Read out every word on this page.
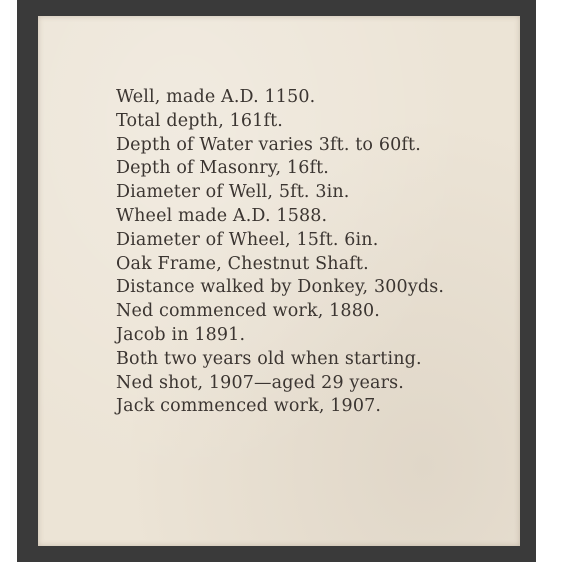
Well, made A.D. 1150.
Total depth, 161ft.
Depth of Water varies 3ft. to 60ft.
Depth of Masonry, 16ft.
Diameter of Well, 5ft. 3in.
Wheel made A.D. 1588.
Diameter of Wheel, 15ft. 6in.
Oak Frame, Chestnut Shaft.
Distance walked by Donkey, 300yds.
Ned commenced work, 1880.
Jacob in 1891.
Both two years old when starting.
Ned shot, 1907—aged 29 years.
Jack commenced work, 1907.
